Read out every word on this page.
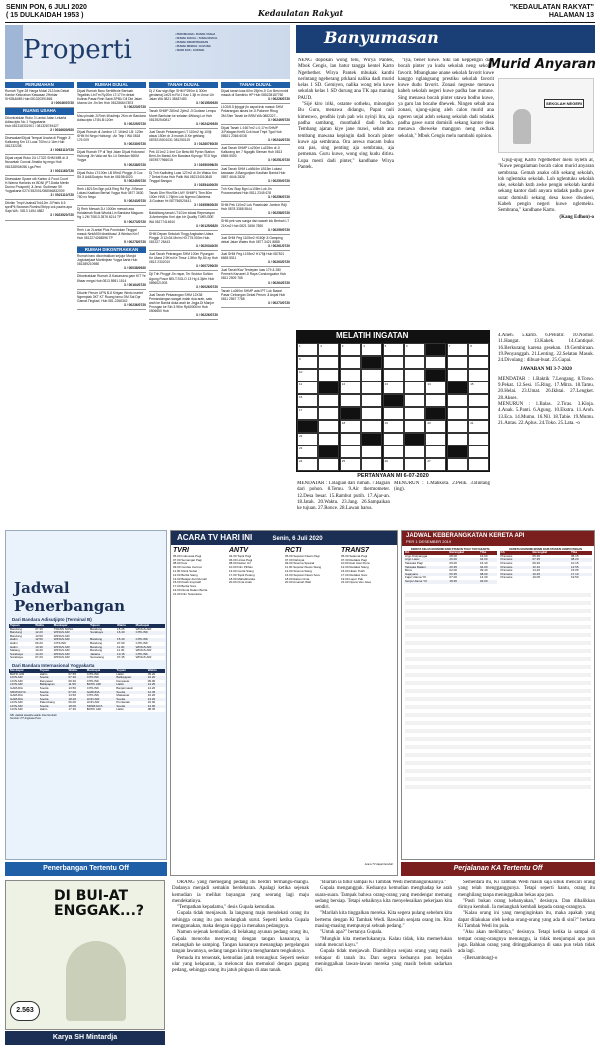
SENIN PON, 6 JULI 2020
( 15 DULKAIDAH 1953 )	Kedaulatan Rakyat
"KEDAULATAN RAKYAT"
HALAMAN 13
Properti
• PERUMAHAN • RUANG USAHA
• RUMAH DIJUAL • TANAH DIJUAL
• RUMAH DIKONTRAKKAN
• RUMAH MEWAH • KAVLING
• SEWA KOS • GUDANG
PERUMAHAN
Rumah Type 28 Harga Mulai 212Juta Dekat Kantor Kelurahan Kawasan 2Hektar SHGB&IMB Hub:081320391565
3 / 00046/07/20
RUANG USAHA
Dikontrakkan Ruko 3 Lantai Jalan Lekarta Adisucipto No 1 Yogyakarta Hub:081318331901 / 081328749427
3 / 0016630/920
Disewakan/Dijual Tempat Usaha di Pinggir Jl Kaliurang Km 13 Luas 700m Lt 1km Hub 081232208
3 / 0063110/720
Dijual cepat Ruko 2Lt LT322 SHM IMB di Jl Nusantah Concat Jimatia hg nego Hub 081328904056 Lga Peni
3 / 0021160/720
Disewakan Space utk Kantor & Food Court H.Warna Harlonis ex BDNI (PT.Dwita Merlin Dunno Prosperti) Jl.Jend. Sudirman 59 Yogyakarta 0274 552001/088066832009
3 / 0021110/720
Dikrtkn Tmpt Usaha&Tnk12m Jl Paris 6.5 sprdP6 Swraran Rumhu/Stripp cck paahs apa Saja WA : 0813 1454 4882
3 / 0023520/720
RUMAH DIJUAL
Dijual Rumah Baru SertMbole Bertuah Tegalbiru Lb/Tm Ry20m LT:177m dekat Kulinar.Pasar.Rmh Sakit.SPBU Dll Dkt Jalan Utama Lbr Jln 5m Hub 0812866473E3
5 / 00223/0720
Mau pindah.Jl.Rmh 4Kadimjo 2Km ctr Bandara Adisucipto LT:8/LB:120m
5 / 00225/0720
Dijual Rumah di Jombor LT: 164m2 LB: 120m SHM Ihl Nego Hubungi : Air Telp / WA 0818 176 009
5 / 00230/0720
Dijual Rumah TP di Tepi Jalan Dijual Holorand Hubungi Jln Vala ost No.14 Seledan 560M Yogya
5 / 00238/0720
Dijual Ruko LT:100m LB 89m2 Pinggir Jl Cuc Slt Jl Adi&Sucipto Hub ke 08195/4020
5 / 00245/0720
Rmh LB21Sm Bgn pdJl.Ring Rd Pgr Jl Besar Lokasi Kaatkan Berhal Yogya Hub 0877 3630 760 no Nego
5 / 00243/0720
Dj Rmh Mewah 2Lt 1000m mewah asa Holalamah Buat Wisdul.Lin Bandara Maguwo Hg 1.2M T0813 2876 6214 TP
5 / 00273/0720
Rmh Lux 2Lantai Plus Pondokan Tinggal masuk Nek/k50t disekitusui Jl.Wedan Km7 Hub 0812274268596 TP
5 / 00278/0720
RUMAH DIKONTRAKKAN
Rumah baru dikontrakkan sejujur Manjol Joglokarjawi Montinjean Yogya karta Hub 081389210988
3 / 00038/0920
Dikontrakkan Rumah Jl.Kasumana gam KIT Ye 8haar mega Hub 0813 5981 1514
3 / 00164/0720
Dikontr Perum UPN B-8 Kirigan Wedo martet Ngemplak 3KT KT Ruang tamu DM Sal Dpr Gamat.Tingkari, Hub 081.2266342
3 / 00236/0720
TANAH DIJUAL
Dj 2 Kav sign Bgn SHM P250m & 300m gerdamaj Lei21m Rd 1 Kav 1.5jt m Umur Ulr Jalan WA 0821 38487483
3 / 00155/0920
Tanah SHMP 280m2 2jt/m2 Jl Godean Lempu Moret Bantulan ke selatan 4Wlang Lor Hub 081392540817
3 / 00242/0920
Jual Tanah Pekarangan LT 110m2 hg 100jt ataus 150m dr Jl murah Jl.Ke getilang 0878215001031 081250119
3 / 01280760/20
Pek 101m2 2.4mt Cor Beta Mil Pyran Station Beiri.Jln Bantul.Km Bandara Kiprogo TEJI Ngo 0878977966015
3 / 01950096/20
Dj Tnh Kadlsting Luas 127m2 di Jln Watuu Km 7 Dekat Kota Hub Palik WA 082134010848 Tinggal Bangun
3 / 01554400/20
Tanah Dlm Rhn/Sle LMY SHMP1 Tbm 80m 100m HNS 1.76jt/m Lok Ngemo Dikelema Jl.Godean Hr.087756520441
3 / 01955600/20
Balokitang tanah LT:101m lokasi Reperasyon Jl.Amberipbo Kml dpn ktr Quality T.MEU30E WA 08177416610
3 / 00125/0820
SHM Depan Sekolah Tingg Angkatan Udara Pinggir Jl 12x34 Mn/m H3.775.000m Hub 081327 28443
3 / 0020340/20
Jual Tanah Pekrangan SHM 100m Piyungan Ke Utara 2.9Km.Ke Timur 1.5Km Rp.80.xy Hub 0813 2332010
3 / 0007290/20
Dji Tnh Pinggir Jln rayar, Ter Sruktur Suhlon Agung Posor BELT.SOLO 13 Hg 4.3jt/m Hub 0896021005
3 / 00026/0720
Jual Tanah Pekarangan SHM 12X38 Pemandangan sangat indah dua arah, satu arah ke Bantul duka arah ke Jogja.Di Manjor Pnungan ke Stn 3.9Km Rp60000/m Hub 0506650 Hub
3 / 00226/0720
TANAH DIJUAL
Dijual tanah luas 60m 25jt/m Jl Cor Besi mobil masuk di Samkhio HP Hub 085228187760
3 / 00226/0720
L102/6.5 jt/pggir jln aspal.truk masuk SHM Pekarangan akses ke Jl.Palonne Rbug 3M.Shm Tanah ke BRM WA 0882327...
3 / 00249/0720
Dijual Tanah L:1607m2 L:0,17m SHMP Jl.Palagan Kmt5.Cck buat Tmpt Tgal Hub 08521 2366 6038
3 / 00244/0720
Jual Tanah SHMP Lu230m Lu225m di Jl Kaliurang km 7 Ngaglik Sleman Hub 0813 6565 5500
3 / 00251/0720
Jual Tanah SHM Lu4664m LB15m Lokasi kawasan Jl.Bangunjiwo Kasihan Bantul Hub 0857 4646 2828
3 / 00250/0720
Tnh Kav Siap Bgn Lu108m Lok Jln Purwomartani Hub 0811 2345 678
3 / 00256/0720
SHM Pek 110m2 Lok Pasekolah Jombor Rdji Hub 0878 3388 5544
3 / 00258/0720
SHM pek vws sunga dan sawah lok Berbah LT 21Km2 Hub 0821 3456 7890
3 / 00259/0720
Jual SHM Peg 1105m2 H160jt Jl Gamping dekat Jalan Wates Hub 0877 3421 8888
3 / 00261/0720
Jual SHM Peg L193m2 H175jt Hub 087821 6665 5511
3 / 00263/0720
Jual Tanah/Kav Terdepan luas 179 & 280 Permeh Karuwet Jl Raya Condongcatur Hub 0811 2509 765
3 / 00264/0720
Tanah Lu260m SHMP ada IPT Lok Bawal Pasar Cebongan Dekat Perum Jl Aspal Hub 0811 2567 7788
3 / 00273/0720
Banyumasan
Murid Anyaran
SEKOLAH NEGERI

NENG dopokan wong telu, Wirya Pantek, Mbok Cengis, lan batur tangga kentel Karto Ngethether. Wirya Pantek mbukak kanthi nerintang ngeberang prkhani nalika dadi murid kelas 1 SD. Gemiyen, nalika wong telu kuwe sekolah kelas 1 SD durung ana TK apa maning PAUD.

"Sijé kiro iriki, ostame sotheku, minongko Bu Guru, menawa didangu, Papat nuli kimenwo, gendhis iyah pah wis nyinji lira, aja padha sambang, munthakil dadi bodho. Tembang ajaran kiye jane mawi, sebab ana tembang mawana kepingin dadi bocah pinter kuwe aja sembrana. Ora arewa macam buku ora pas, sing penting aja sembrana, aja pemenan. Guru kuwe, wong sing kudu ditiru. Lupa mesti dadi pinter," kandhane Wirya Pantek.

"Iya, bener kuwe. Siki lan keppengin dadi bocah pinter ya kudu sekolah neng sekolah favorit. Mbangkane anane sekolah favorit kuwe kanggo nglangsung prestiku sekolah favorit kuwe dudu favorit. Zonasi negesne menawa kabeh sekolah negeri kuwe padha bae mutune. Sing menawa bocah pinter utawa bodho kuwe, ya garu lan bocahe dhewek. Ningen sebab ana zonasi, ujung-ujung aleh calon murid ana ngeren unjal adoh sekang sekolah dadi ndadak padha gawe surat domisili sekang kantor desa menawa dheweke manggon neng cedhak sekolah," Mbok Cengis melu nambahi opinion.

Ujug-ujug Karto Ngethether melu nyleth at, "Kuwe pengalaman bocah calon murid anyaran sembrana. Gemah anaku olih sekang sekolah, loh nglentuku sekolah. Loh nglentuku sekolah uke, sekolah kuth awke pengin sekolah kanthi sekang kantor dadi anyara ndadak padha gawe surat domisili sekang desa kuwe diwalesi, Kabeh pengin negeri kuwe nglemeku. Sembrana," kandhane Karto.

(Kang Edhon)-o

MELATIH INGATAN
1	2	3	4	5	6	7	8
9
10
11	12	13	14	15
16
17
18	19	20	21
22
23
24	25	26	27
PERTANYAAN MI 6-07-2020
MENDATAR : 1.Bagian dari rumah. 7.Bagian dari pohon. 8.Temu. 9.Air thermometer. 12.Desa besar. 15.Rambut putih. 17.Ajar-an. 18.Jatah. 20.Waktu. 23.Jang. 26.Sampaikan ke tujuan. 27.Ronce. 28.Lawan harus.
MENURUN : 1.Mahkota. 2.Pelik. 3.Bintang (ing).

4.Aneh. 5.karib. 6.Pelintir. 10.Nomor. 11.Hangat. 13.Kakek. 14.Cantiqué. 16.Berkurang karena gesekan. 19.Gembiraan. 19.Penyanggah. 21.Lenting. 22.Selatan Masuk. 24.Divulang : dibuat-buat. 25.Gapai.

JAWABAN MI 3-7-2020

MENDATAR : 1.Baktik 7.Lengang. 8.Torso. 9.Pekat. 12.Sesi. 15.Ring. 17.Mitra. 18.Tamu. 20.Helai. 23.Umat. 26.Ikhtai. 27.Lengket. 28.Akses.

MENURUN : 1.Balas. 2.Tiras. 3.Kloja. 4.Anak. 5.Panti. 6.Agung. 10.Ekstra. 11.Aroh. 13.Eca. 14.Mumu. 16.Nil. 18.Tabie. 19.Mumu. 21.Antas. 22.Aplus. 24.Toko. 25.Lata. -o

Jadwal Penerbangan
Dari Bandara Adisutjipto (Terminal B)
Tujuan	Waktu	Maskapai	Tujuan	Waktu	Maskapai
Bandung	07.30	TRANS NUSA	Bandung	15.25	WINGS AIR
Bandung	12.20	WINGS AIR	Surabaya	16.40	CITILINK
Bandung	13.50	WINGS AIR			
Halim	12.50	WINGS AIR	Bandung	15.40	CITILINK
Halim	06.20	CITILINK	Bandung	07.00	CITILINK
Halim	10.30	WINGS AIR	Bandung	11.30	WINGS AIR
Malang	10.40	WINGS AIR	Bandung	11.30	WINGS AIR
Surabaya	14.20	WINGS AIR	Jakarta	10.15	CITILINK
Surabaya	07.20	WINGS AIR	Semarang	07.45	WINGS AIR
Dari Bandara Internasional Yogyakarta
Maskapai	Tujuan	Waktu	Maskapai	Tujuan	Waktu
BATIK AIR	Halim	07.55	CITILINK	Halim	09.20
LION AIR	Soetta	07.30	CITILINK	Balikpapan	10.20
LION AIR	Denpasar	09.30	CITILINK	Denpasar	09.00
LION AIR	Balikpapan	11.50	BATIK AIR	Halim	14.25
GARUDA	Soetta	13.50	CITILINK	Banjarmasin	14.20
SRIWIJAYA	Soetta	07.00	GARUDA	Soetta	12.45
GARUDA	Soetta	14.50	CITILINK	Makassar	10.20
GARUDA	Soetta	18.20	LION AIR	Soetta	13.20
LION AIR	Palembang	06.00	LION AIR	Pontianak	16.00
LION AIR	Soetta	18.00	SRIWIJAYA	Soetta	14.00
LION AIR	Halim	17.30	BATIK AIR	Halim	08.45
NB. Jadwal sewaktu-waktu bisa berubah
Sumber: PT Angkasa Pura
Penerbangan Tertentu Off
ACARA TV HARI INI	Senin, 6 Juli 2020
TVRI
05.00 Indonesia Pagi
07.00 Semangat Pagi
08.00 Kuis
09.00 Cerdas Cermat
11.00 Klinik Sehat
12.00 Berita Siang
13.00 Belajar dari Rumah
15.00 Kisah Inspiratif
17.00 Berita Sore
19.00 Dunia Dalam Berita
21.00 Film Nusantara
ANTV
04.30 Topik Pagi
06.00 Lintas Pagi
08.00 Dokter Oz
10.00 Film Pilihan
13.00 Cerita Siang
17.00 Topik Petang
18.00 Mahabharata
20.00 Cinta Anak
RCTI
05.00 Seputar iNews Pagi
07.00 Dahsyat
09.00 Sinema Spesial
11.00 Seputar iNews Siang
12.00 Sinema Siang
16.00 Seputar iNews Sore
18.00 Ikatan Cinta
20.00 Amanah Wali
TRANS7
05.00 Selamat Pagi
07.30 Redaksi Pagi
10.00 Asal Usul Flora
12.00 Redaksi Siang
15.00 Hitam Putih
17.00 Redaksi Sore
19.00 Lapor Pak
21.00 Opera Van Java
Acara TV dapat berubah
JADWAL KEBERANGKATAN KERETA API
PER 1 DESEMBER 2019
KERETA KELAS EKONOMI DARI STASIUN TUGU YOGYAKARTA
KA	Berangkat	Tiba
Argo Dwipangga	08.00	16.00
Argo Lawu	20.00	04.00
Taksaka Pagi	09.00	16.40
Taksaka Malam	20.35	04.00
Bima	02.00	09.40
Gajayana	00.35	08.00
Fajar Utama YK	07.00	14.30
Senja Utama YK	18.30	02.00
KERETA EKONOMI BISNIS DARI STASIUN LEMPUYANGAN
KA	Berangkat	Tiba
Prameks	05.30	06.15
Prameks	07.35	08.20
Prameks	09.30	10.15
Prameks	12.10	12.55
Prameks	14.20	15.05
Prameks	16.25	17.10
Prameks	19.05	19.50
Perjalanan KA Tertentu Off
DI BUI-AT ENGGAK...?
2.563
Karya SH Mintardja

ORANG yang memegang pedang itu berdiri termangu-mangu. Dadanya menjadi semakin berdebaran. Apalagi ketika sejenak kemudian ia melihat bayangan yang seorang lagi maju mendekatinya.

"Tempatkan kepadamu," desis Gupala kemudian.

Gupala tidak menjawab. Ia langsung maju mendekati orang itu sehingga orang itu pun melangkah surut. Seperti ketika Gupala menggunakan, maka dengan sigap ia menahan pedangnya.

Namun sejenak kemudian, di belakang ayunan pedang orang itu, Gupala mencoba menyerang dengan tangan kanannya, ia melangkah ke samping. Tangan kanannya menangkap pergelangan tangan lawannya, sedang tangan kirinya menghantam tengkuknya.

Pemuda itu tersentak, kemudian jatuh tersungkur. Seperti seekor ular yang kelaparan, ia meloncat dan memukul dengan gagang pedang, sehingga orang itu jatuh pingsan di atas tanah.

"Biarlah ia tidur sampai Ki Tambak Wedi membangunkannya."

Gupala mengangguk. Keduanya kemudian menghadap ke arah suara-suara. Tampak bahwa orang-orang yang mendengar memang sedang bersiap. Tetapi sebaiknya kita menyelesaikan pekerjaan kita sendiri.

"Marilah kita tinggalkan mereka. Kita segera pulang sebelum kita bertemu dengan Ki Tambak Wedi. Bawalah senjata orang itu. Kita masing-masing mempunyai sebuah pedang."

"Untuk apa?" bertanya Gupala.

"Mungkin kita memerlukannya. Kalau tidak, kita memerlukan untuk mencari kayu."

Gupala tidak menjawab. Diambilnya senjata orang yang masih terkapar di tanah itu. Dan segera keduanya pun berjalan meninggalkan lawan-lawan mereka yang masih belum sadarkan diri.

Sementara itu, Ki Tambak Wedi masih saja sibuk mencari orang yang telah mengganggunya. Tetapi seperti hantu, orang itu menghilang tanpa meninggalkan bekas apa pun.

"Pasti bukan orang kebanyakan," desisnya. Dan dibalikkan dirinya kembali. Ia melangkah kembali kepada orang-orangnya.

"Kalau orang ini yang menginginkan itu, maka apakah yang dapat dilakukan oleh kedua orang-orang yang ada di sini?" berkata Ki Tambak Wedi itu pula.

"Aku akan melihatnya," desisnya. Tetapi ketika ia sampai di tempat orang-orangnya menunggu, ia tidak menjumpai apa pun juga. Bahkan orang yang ditinggalkannya di sana pun telah tidak ada lagi.

-(Bersambung)-o
